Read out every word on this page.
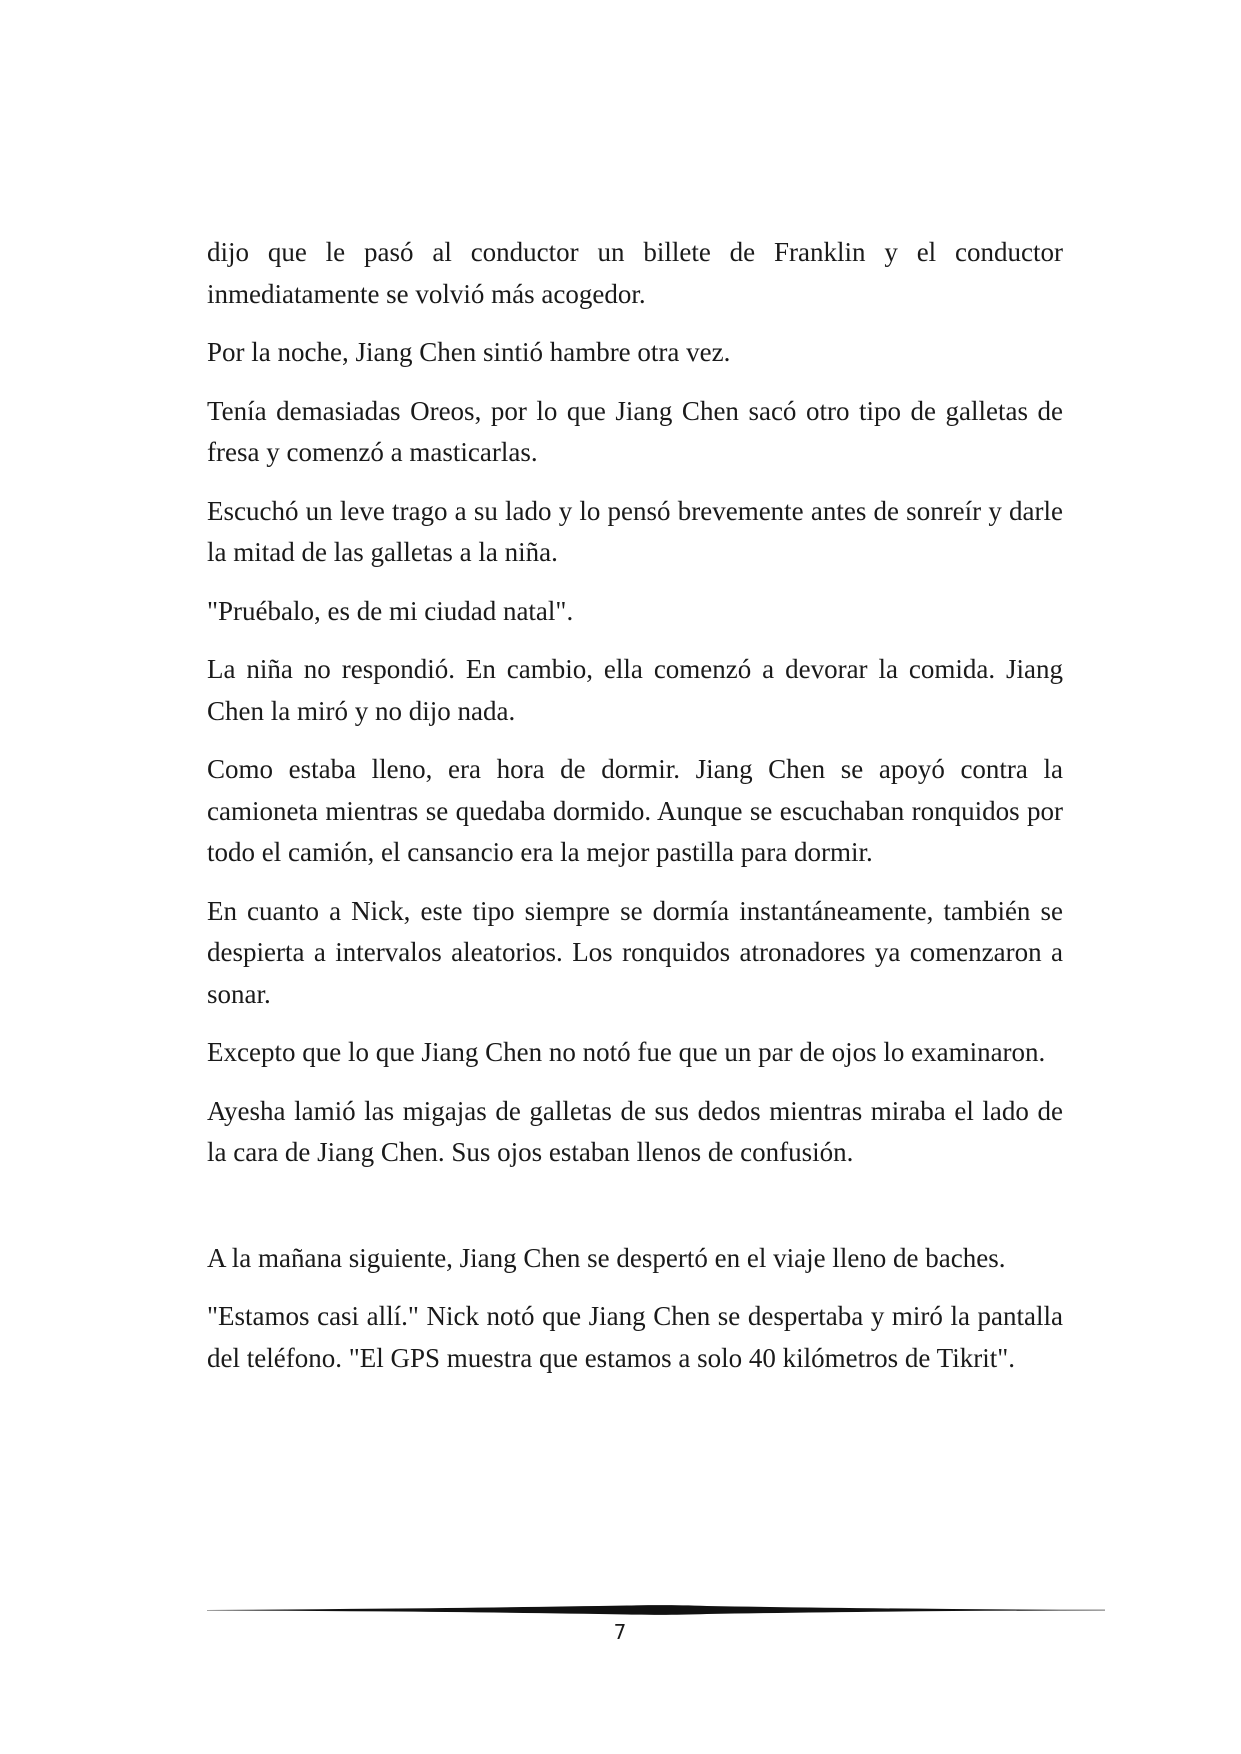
dijo que le pasó al conductor un billete de Franklin y el conductor inmediatamente se volvió más acogedor.

Por la noche, Jiang Chen sintió hambre otra vez.

Tenía demasiadas Oreos, por lo que Jiang Chen sacó otro tipo de galletas de fresa y comenzó a masticarlas.

Escuchó un leve trago a su lado y lo pensó brevemente antes de sonreír y darle la mitad de las galletas a la niña.

"Pruébalo, es de mi ciudad natal".

La niña no respondió. En cambio, ella comenzó a devorar la comida. Jiang Chen la miró y no dijo nada.

Como estaba lleno, era hora de dormir. Jiang Chen se apoyó contra la camioneta mientras se quedaba dormido. Aunque se escuchaban ronquidos por todo el camión, el cansancio era la mejor pastilla para dormir.

En cuanto a Nick, este tipo siempre se dormía instantáneamente, también se despierta a intervalos aleatorios. Los ronquidos atronadores ya comenzaron a sonar.

Excepto que lo que Jiang Chen no notó fue que un par de ojos lo examinaron.

Ayesha lamió las migajas de galletas de sus dedos mientras miraba el lado de la cara de Jiang Chen. Sus ojos estaban llenos de confusión.

A la mañana siguiente, Jiang Chen se despertó en el viaje lleno de baches.

"Estamos casi allí." Nick notó que Jiang Chen se despertaba y miró la pantalla del teléfono. "El GPS muestra que estamos a solo 40 kilómetros de Tikrit".

7
